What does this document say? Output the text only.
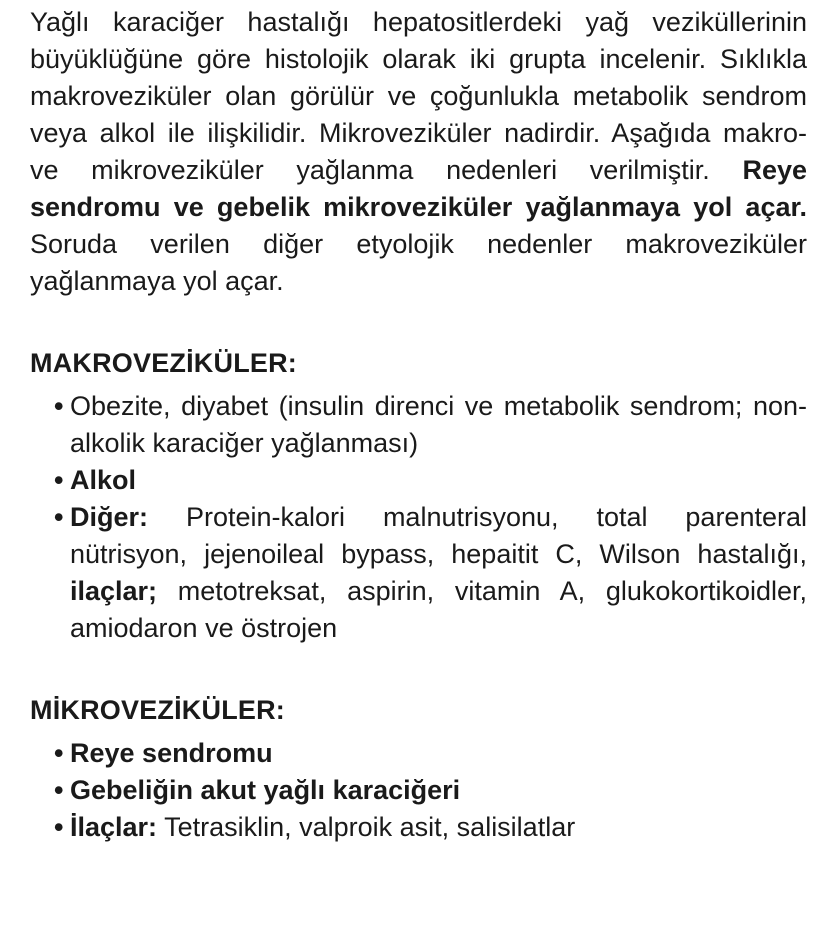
Yağlı karaciğer hastalığı hepatositlerdeki yağ veziküllerinin büyüklüğüne göre histolojik olarak iki grupta incelenir. Sıklıkla makroveziküler olan görülür ve çoğunlukla metabolik sendrom veya alkol ile ilişkilidir. Mikroveziküler nadirdir. Aşağıda makro- ve mikroveziküler yağlanma nedenleri verilmiştir. Reye sendromu ve gebelik mikroveziküler yağlanmaya yol açar. Soruda verilen diğer etyolojik nedenler makroveziküler yağlanmaya yol açar.

MAKROVEZİKÜLER:
• Obezite, diyabet (insulin direnci ve metabolik sendrom; non-alkolik karaciğer yağlanması)
• Alkol
• Diğer: Protein-kalori malnutrisyonu, total parenteral nütrisyon, jejenoileal bypass, hepaitit C, Wilson hastalığı, ilaçlar; metotreksat, aspirin, vitamin A, glukokortikoidler, amiodaron ve östrojen
MİKROVEZİKÜLER:
• Reye sendromu
• Gebeliğin akut yağlı karaciğeri
• İlaçlar: Tetrasiklin, valproik asit, salisilatlar
